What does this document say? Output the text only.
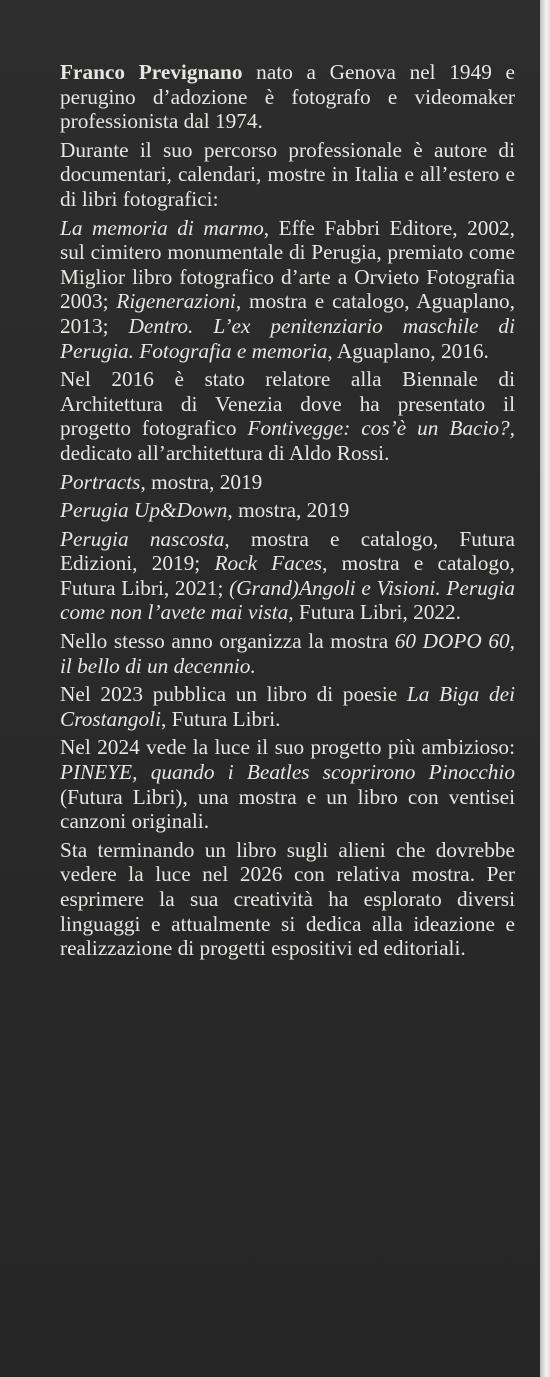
Franco Prevignano nato a Genova nel 1949 e perugino d’adozione è fotografo e videomaker professionista dal 1974.

Durante il suo percorso professionale è autore di documentari, calendari, mostre in Italia e all’estero e di libri fotografici:

La memoria di marmo, Effe Fabbri Editore, 2002, sul cimitero monumentale di Perugia, premiato come Miglior libro fotografico d’arte a Orvieto Fotografia 2003; Rigenerazioni, mostra e catalogo, Aguaplano, 2013; Dentro. L’ex penitenziario maschile di Perugia. Fotografia e memoria, Aguaplano, 2016.

Nel 2016 è stato relatore alla Biennale di Architettura di Venezia dove ha presentato il progetto fotografico Fontivegge: cos’è un Bacio?, dedicato all’architettura di Aldo Rossi.

Portracts, mostra, 2019

Perugia Up&Down, mostra, 2019

Perugia nascosta, mostra e catalogo, Futura Edizioni, 2019; Rock Faces, mostra e catalogo, Futura Libri, 2021; (Grand)Angoli e Visioni. Perugia come non l’avete mai vista, Futura Libri, 2022.

Nello stesso anno organizza la mostra 60 DOPO 60, il bello di un decennio.

Nel 2023 pubblica un libro di poesie La Biga dei Crostangoli, Futura Libri.

Nel 2024 vede la luce il suo progetto più ambizioso: PINEYE, quando i Beatles scoprirono Pinocchio (Futura Libri), una mostra e un libro con ventisei canzoni originali.

Sta terminando un libro sugli alieni che dovrebbe vedere la luce nel 2026 con relativa mostra. Per esprimere la sua creatività ha esplorato diversi linguaggi e attualmente si dedica alla ideazione e realizzazione di progetti espositivi ed editoriali.
